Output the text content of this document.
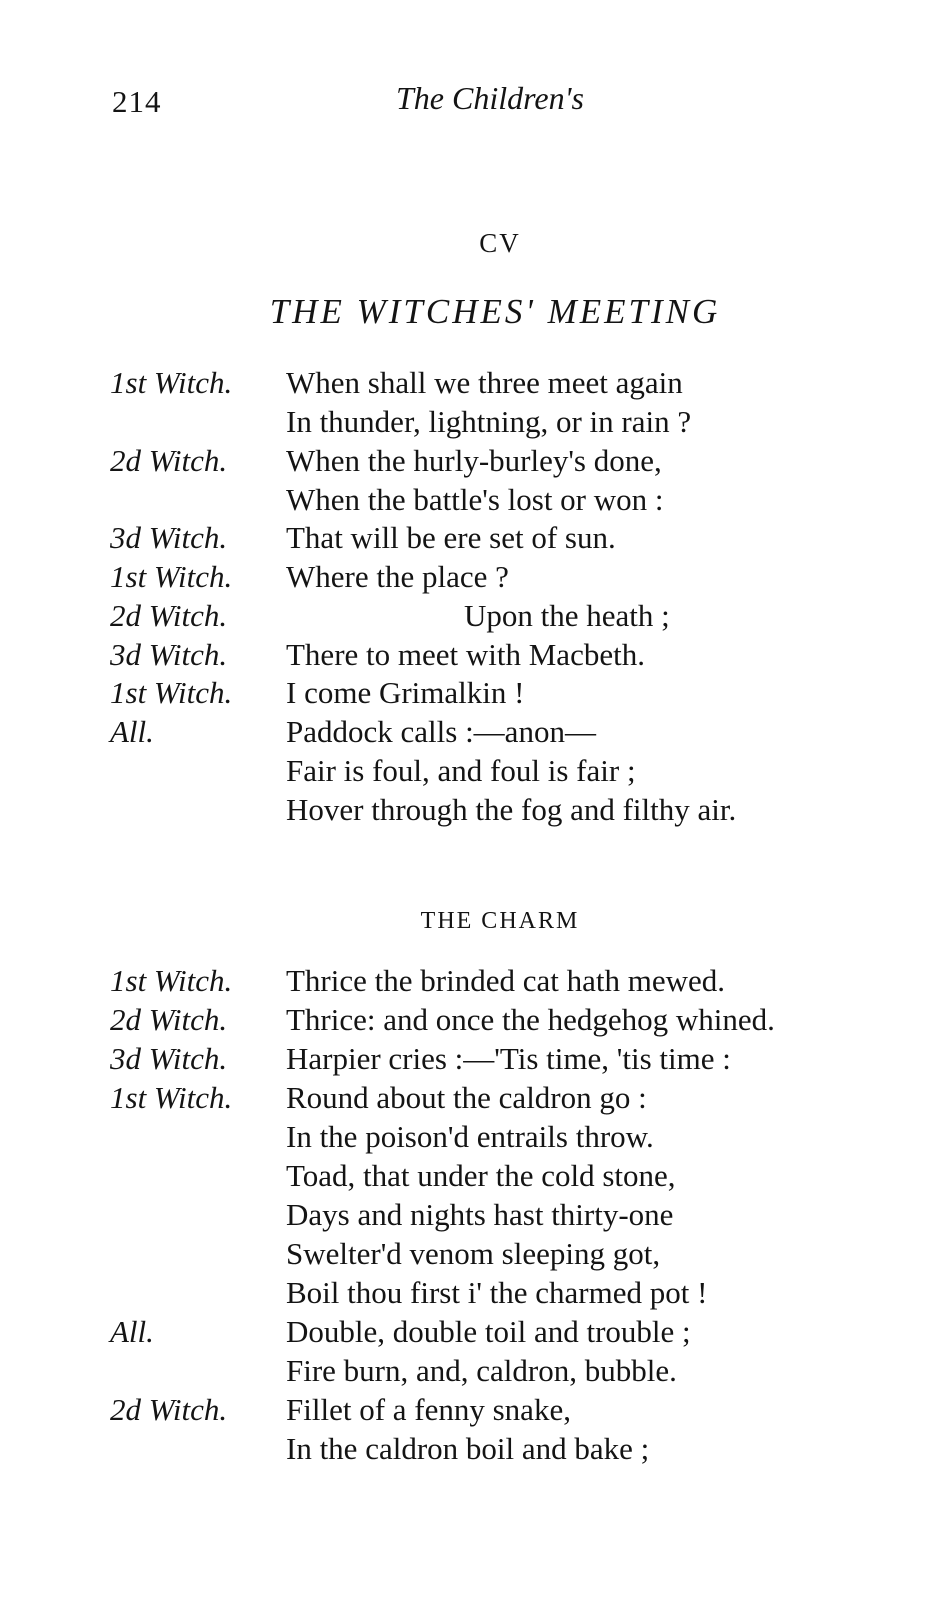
214	The Children's
CV
THE WITCHES' MEETING
1st Witch. When shall we three meet again
In thunder, lightning, or in rain ?
2d Witch. When the hurly-burley's done,
When the battle's lost or won :
3d Witch. That will be ere set of sun.
1st Witch. Where the place ?
2d Witch.	Upon the heath ;
3d Witch. There to meet with Macbeth.
1st Witch. I come Grimalkin !
All.	Paddock calls :—anon—
Fair is foul, and foul is fair ;
Hover through the fog and filthy air.
THE CHARM
1st Witch. Thrice the brinded cat hath mewed.
2d Witch. Thrice: and once the hedgehog whined.
3d Witch. Harpier cries :—'Tis time, 'tis time :
1st Witch. Round about the caldron go :
In the poison'd entrails throw.
Toad, that under the cold stone,
Days and nights hast thirty-one
Swelter'd venom sleeping got,
Boil thou first i' the charmed pot !
All.	Double, double toil and trouble ;
Fire burn, and, caldron, bubble.
2d Witch. Fillet of a fenny snake,
In the caldron boil and bake ;
